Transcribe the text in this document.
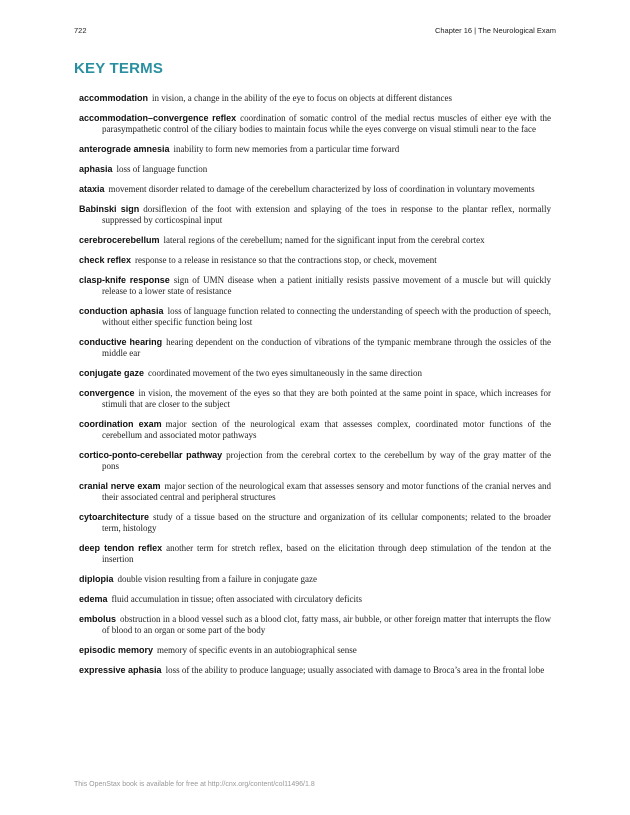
722	Chapter 16 | The Neurological Exam
KEY TERMS

accommodation in vision, a change in the ability of the eye to focus on objects at different distances

accommodation–convergence reflex coordination of somatic control of the medial rectus muscles of either eye with the parasympathetic control of the ciliary bodies to maintain focus while the eyes converge on visual stimuli near to the face

anterograde amnesia inability to form new memories from a particular time forward

aphasia loss of language function

ataxia movement disorder related to damage of the cerebellum characterized by loss of coordination in voluntary movements

Babinski sign dorsiflexion of the foot with extension and splaying of the toes in response to the plantar reflex, normally suppressed by corticospinal input

cerebrocerebellum lateral regions of the cerebellum; named for the significant input from the cerebral cortex

check reflex response to a release in resistance so that the contractions stop, or check, movement

clasp-knife response sign of UMN disease when a patient initially resists passive movement of a muscle but will quickly release to a lower state of resistance

conduction aphasia loss of language function related to connecting the understanding of speech with the production of speech, without either specific function being lost

conductive hearing hearing dependent on the conduction of vibrations of the tympanic membrane through the ossicles of the middle ear

conjugate gaze coordinated movement of the two eyes simultaneously in the same direction

convergence in vision, the movement of the eyes so that they are both pointed at the same point in space, which increases for stimuli that are closer to the subject

coordination exam major section of the neurological exam that assesses complex, coordinated motor functions of the cerebellum and associated motor pathways

cortico-ponto-cerebellar pathway projection from the cerebral cortex to the cerebellum by way of the gray matter of the pons

cranial nerve exam major section of the neurological exam that assesses sensory and motor functions of the cranial nerves and their associated central and peripheral structures

cytoarchitecture study of a tissue based on the structure and organization of its cellular components; related to the broader term, histology

deep tendon reflex another term for stretch reflex, based on the elicitation through deep stimulation of the tendon at the insertion

diplopia double vision resulting from a failure in conjugate gaze

edema fluid accumulation in tissue; often associated with circulatory deficits

embolus obstruction in a blood vessel such as a blood clot, fatty mass, air bubble, or other foreign matter that interrupts the flow of blood to an organ or some part of the body

episodic memory memory of specific events in an autobiographical sense

expressive aphasia loss of the ability to produce language; usually associated with damage to Broca’s area in the frontal lobe

This OpenStax book is available for free at http://cnx.org/content/col11496/1.8
